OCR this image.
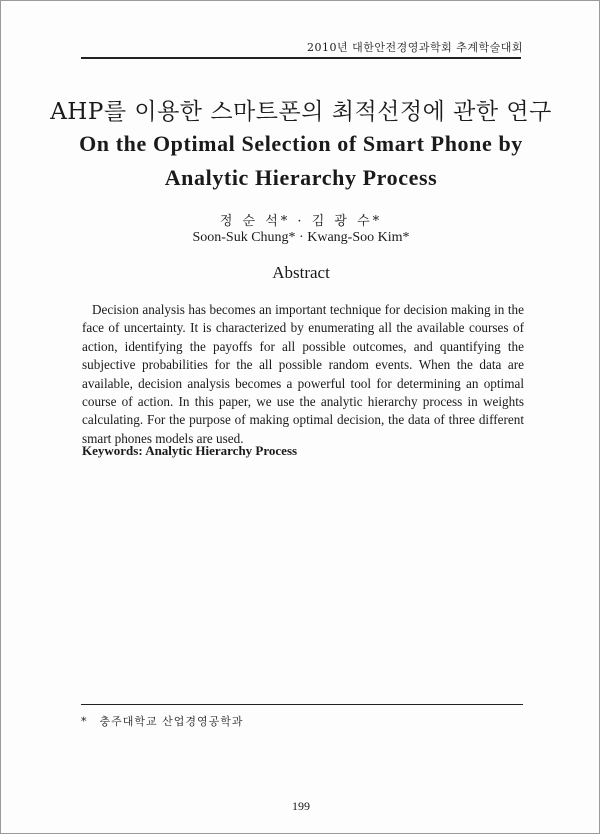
2010년 대한안전경영과학회 추계학술대회
AHP를 이용한 스마트폰의 최적선정에 관한 연구
On the Optimal Selection of Smart Phone by
Analytic Hierarchy Process
정 순 석* · 김 광 수*
Soon-Suk Chung* · Kwang-Soo Kim*
Abstract
Decision analysis has becomes an important technique for decision making in the face of uncertainty. It is characterized by enumerating all the available courses of action, identifying the payoffs for all possible outcomes, and quantifying the subjective probabilities for the all possible random events. When the data are available, decision analysis becomes a powerful tool for determining an optimal course of action. In this paper, we use the analytic hierarchy process in weights calculating. For the purpose of making optimal decision, the data of three different smart phones models are used.
Keywords: Analytic Hierarchy Process
* 충주대학교 산업경영공학과
199
